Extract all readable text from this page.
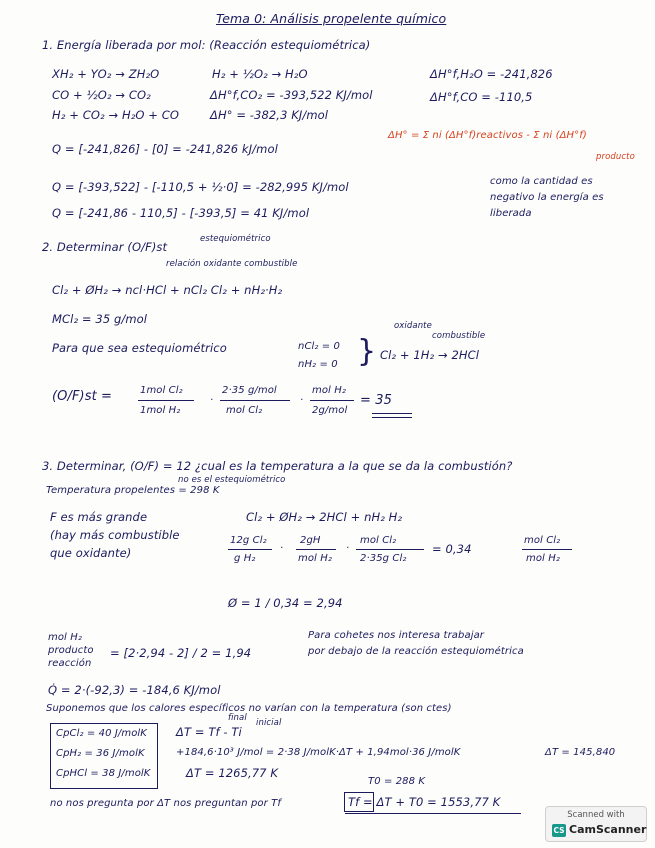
Tema 0: Análisis propelente químico
1. Energía liberada por mol: (Reacción estequiométrica)
XH₂ + YO₂ → ZH₂O	H₂ + ½O₂ → H₂O	ΔH°f,H₂O = -241,826
CO + ½O₂ → CO₂	ΔH°f,CO₂ = -393,522 KJ/mol	ΔH°f,CO = -110,5
H₂ + CO₂ → H₂O + CO	ΔH° = -382,3 KJ/mol
Q = [-241,826] - [0] = -241,826 kJ/mol
ΔH° = Σ ni (ΔH°f)reactivos - Σ ni (ΔH°f)
producto
Q = [-393,522] - [-110,5 + ½·0] = -282,995 KJ/mol
Q = [-241,86 - 110,5] - [-393,5] = 41 KJ/mol
como la cantidad es
negativo la energía es
liberada
2. Determinar (O/F)st
estequiométrico
relación oxidante combustible
Cl₂ + ØH₂ → ncl·HCl + nCl₂ Cl₂ + nH₂·H₂
MCl₂ = 35 g/mol
Para que sea estequiométrico	nCl₂ = 0
nH₂ = 0 }
oxidante
combustible
Cl₂ + 1H₂ → 2HCl
(O/F)st =	1mol Cl₂
1mol H₂
·
2·35 g/mol
mol Cl₂
·
mol H₂
2g/mol
= 35
3. Determinar, (O/F) = 12 ¿cual es la temperatura a la que se da la combustión?
no es el estequiométrico
Temperatura propelentes = 298 K
F es más grande
(hay más combustible
que oxidante)
Cl₂ + ØH₂ → 2HCl + nH₂ H₂
12g Cl₂
g H₂
·
2gH
mol H₂
·
mol Cl₂
2·35g Cl₂
= 0,34
mol Cl₂
mol H₂
Ø = 1 / 0,34 = 2,94
mol H₂
producto
reacción
= [2·2,94 - 2] / 2 = 1,94
Para cohetes nos interesa trabajar
por debajo de la reacción estequiométrica
Q̇ = 2·(-92,3) = -184,6 KJ/mol
Suponemos que los calores específicos no varían con la temperatura (son ctes)
CpCl₂ = 40 J/molK
CpH₂ = 36 J/molK
CpHCl = 38 J/molK
ΔT = Tf - Ti
final inicial
+184,6·10³ J/mol = 2·38 J/molK·ΔT + 1,94mol·36 J/molK	ΔT = 145,840
ΔT = 1265,77 K
T0 = 288 K
no nos pregunta por ΔT nos preguntan por Tf	Tf = ΔT + T0 = 1553,77 K
Scanned with
CS CamScanner
